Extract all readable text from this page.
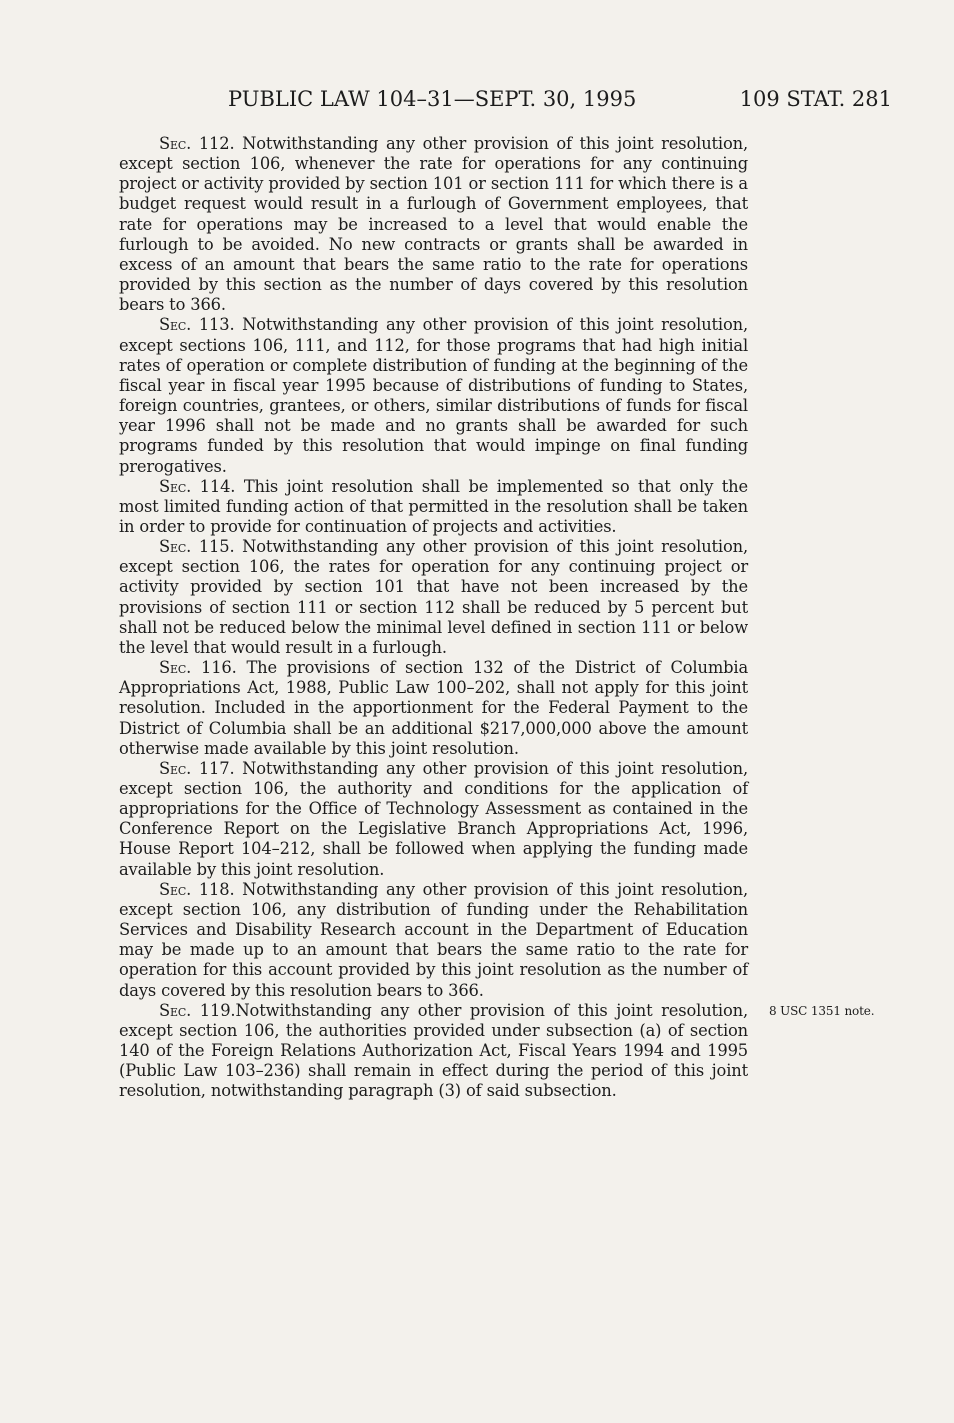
PUBLIC LAW 104–31—SEPT. 30, 1995	109 STAT. 281

Sec. 112. Notwithstanding any other provision of this joint resolution, except section 106, whenever the rate for operations for any continuing project or activity provided by section 101 or section 111 for which there is a budget request would result in a furlough of Government employees, that rate for operations may be increased to a level that would enable the furlough to be avoided. No new contracts or grants shall be awarded in excess of an amount that bears the same ratio to the rate for operations provided by this section as the number of days covered by this resolution bears to 366.

Sec. 113. Notwithstanding any other provision of this joint resolution, except sections 106, 111, and 112, for those programs that had high initial rates of operation or complete distribution of funding at the beginning of the fiscal year in fiscal year 1995 because of distributions of funding to States, foreign countries, grantees, or others, similar distributions of funds for fiscal year 1996 shall not be made and no grants shall be awarded for such programs funded by this resolution that would impinge on final funding prerogatives.

Sec. 114. This joint resolution shall be implemented so that only the most limited funding action of that permitted in the resolution shall be taken in order to provide for continuation of projects and activities.

Sec. 115. Notwithstanding any other provision of this joint resolution, except section 106, the rates for operation for any continuing project or activity provided by section 101 that have not been increased by the provisions of section 111 or section 112 shall be reduced by 5 percent but shall not be reduced below the minimal level defined in section 111 or below the level that would result in a furlough.

Sec. 116. The provisions of section 132 of the District of Columbia Appropriations Act, 1988, Public Law 100–202, shall not apply for this joint resolution. Included in the apportionment for the Federal Payment to the District of Columbia shall be an additional $217,000,000 above the amount otherwise made available by this joint resolution.

Sec. 117. Notwithstanding any other provision of this joint resolution, except section 106, the authority and conditions for the application of appropriations for the Office of Technology Assessment as contained in the Conference Report on the Legislative Branch Appropriations Act, 1996, House Report 104–212, shall be followed when applying the funding made available by this joint resolution.

Sec. 118. Notwithstanding any other provision of this joint resolution, except section 106, any distribution of funding under the Rehabilitation Services and Disability Research account in the Department of Education may be made up to an amount that bears the same ratio to the rate for operation for this account provided by this joint resolution as the number of days covered by this resolution bears to 366.

Sec. 119.Notwithstanding any other provision of this joint resolution, except section 106, the authorities provided under subsection (a) of section 140 of the Foreign Relations Authorization Act, Fiscal Years 1994 and 1995 (Public Law 103–236) shall remain in effect during the period of this joint resolution, notwithstanding paragraph (3) of said subsection.
8 USC 1351 note.
